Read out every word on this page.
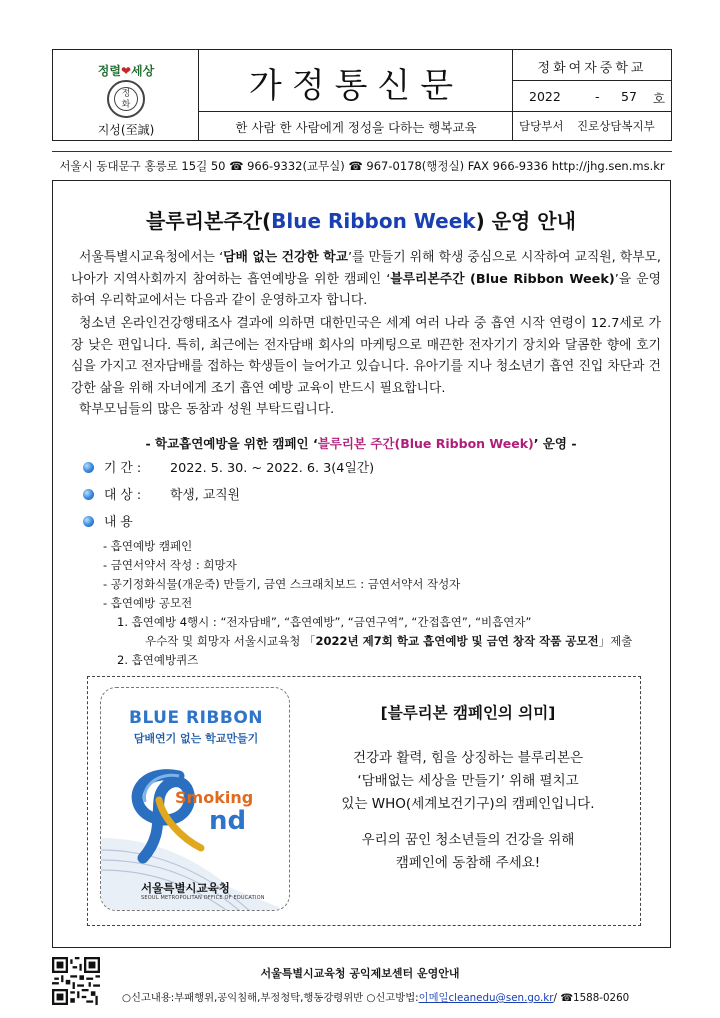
정렬❤세상
정
화
지성(至誠)
가정통신문
한 사람 한 사람에게 정성을 다하는 행복교육
정화여자중학교
2022	- 57 호
담당부서 진로상담복지부
서울시 동대문구 홍릉로 15길 50 ☎ 966-9332(교무실) ☎ 967-0178(행정실) FAX 966-9336 http://jhg.sen.ms.kr
블루리본주간(Blue Ribbon Week) 운영 안내
서울특별시교육청에서는 ‘담배 없는 건강한 학교’를 만들기 위해 학생 중심으로 시작하여 교직원, 학부모, 나아가 지역사회까지 참여하는 흡연예방을 위한 캠페인 ‘블루리본주간 (Blue Ribbon Week)’을 운영하여 우리학교에서는 다음과 같이 운영하고자 합니다.
청소년 온라인건강행태조사 결과에 의하면 대한민국은 세계 여러 나라 중 흡연 시작 연령이 12.7세로 가장 낮은 편입니다. 특히, 최근에는 전자담배 회사의 마케팅으로 매끈한 전자기기 장치와 달콤한 향에 호기심을 가지고 전자담배를 접하는 학생들이 늘어가고 있습니다. 유아기를 지나 청소년기 흡연 진입 차단과 건강한 삶을 위해 자녀에게 조기 흡연 예방 교육이 반드시 필요합니다.
학부모님들의 많은 동참과 성원 부탁드립니다.
- 학교흡연예방을 위한 캠페인 ‘블루리본 주간(Blue Ribbon Week)’ 운영 -
기 간 : 2022. 5. 30. ~ 2022. 6. 3(4일간)
대 상 : 학생, 교직원
내 용
- 흡연예방 캠페인
- 금연서약서 작성 : 희망자
- 공기정화식물(개운죽) 만들기, 금연 스크래치보드 : 금연서약서 작성자
- 흡연예방 공모전
1. 흡연예방 4행시 : “전자담배”, “흡연예방”, “금연구역”, “간접흡연”, “비흡연자”
우수작 및 희망자 서울시교육청 「2022년 제7회 학교 흡연예방 및 금연 창작 작품 공모전」제출
2. 흡연예방퀴즈
BLUE RIBBON
담배연기 없는 학교만들기
Smoking
nd
서울특별시교육청
SEOUL METROPOLITAN OFFICE OF EDUCATION
[블루리본 캠페인의 의미]
건강과 활력, 힘을 상징하는 블루리본은
‘담배없는 세상을 만들기’ 위해 펼치고
있는 WHO(세계보건기구)의 캠페인입니다.
우리의 꿈인 청소년들의 건강을 위해
캠페인에 동참해 주세요!
서울특별시교육청 공익제보센터 운영안내
○신고내용:부패행위,공익침해,부정청탁,행동강령위반 ○신고방법:이메일cleanedu@sen.go.kr/ ☎1588-0260
